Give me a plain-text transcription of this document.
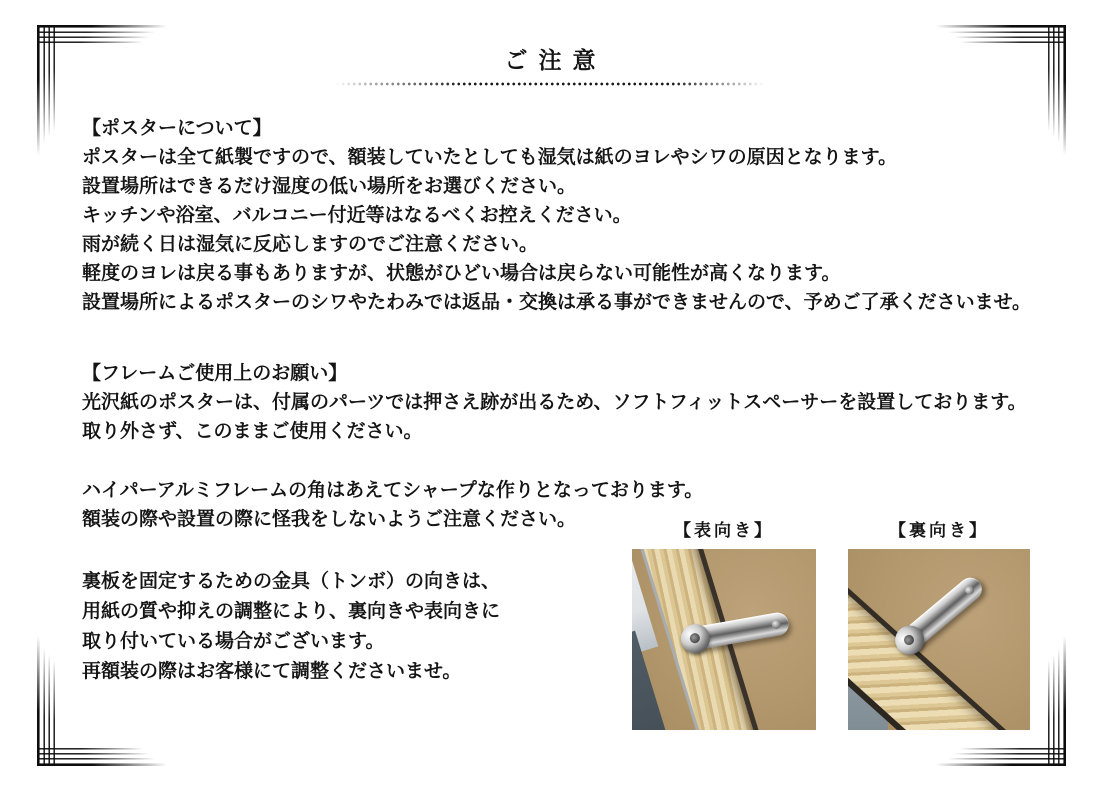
ご注意

【ポスターについて】

ポスターは全て紙製ですので、額装していたとしても湿気は紙のヨレやシワの原因となります。

設置場所はできるだけ湿度の低い場所をお選びください。

キッチンや浴室、バルコニー付近等はなるべくお控えください。

雨が続く日は湿気に反応しますのでご注意ください。

軽度のヨレは戻る事もありますが、状態がひどい場合は戻らない可能性が高くなります。

設置場所によるポスターのシワやたわみでは返品・交換は承る事ができませんので、予めご了承くださいませ。

【フレームご使用上のお願い】

光沢紙のポスターは、付属のパーツでは押さえ跡が出るため、ソフトフィットスペーサーを設置しております。

取り外さず、このままご使用ください。

ハイパーアルミフレームの角はあえてシャープな作りとなっております。

額装の際や設置の際に怪我をしないようご注意ください。

裏板を固定するための金具（トンボ）の向きは、

用紙の質や抑えの調整により、裏向きや表向きに

取り付いている場合がございます。

再額装の際はお客様にて調整くださいませ。

【表向き】	【裏向き】
